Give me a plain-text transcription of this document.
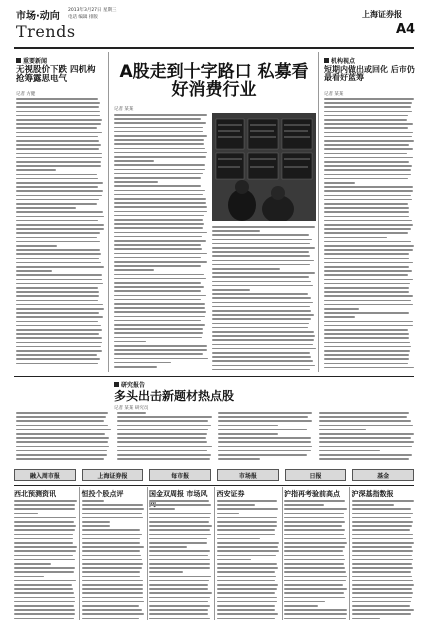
市场·动向
2013年3月27日 星期三
电话 编辑 排版
Trends
上海证券报
A4
重要新闻
无视股价下跌 四机构抢筹露思电气
记者 方健
A股走到十字路口 私募看好消费行业
记者 某某
机构视点
短期内做出或回化 后市仍最看好蓝筹
记者 某某
研究报告
多头出击新题材热点股
记者 某某 研究员
融入周市报	上海证券报	每市报	市场报	日报	基金
西北预测资讯	恒投个股点评	国金双周报 市场风	西安证券	沪指再考验前高点	沪深基指数报
